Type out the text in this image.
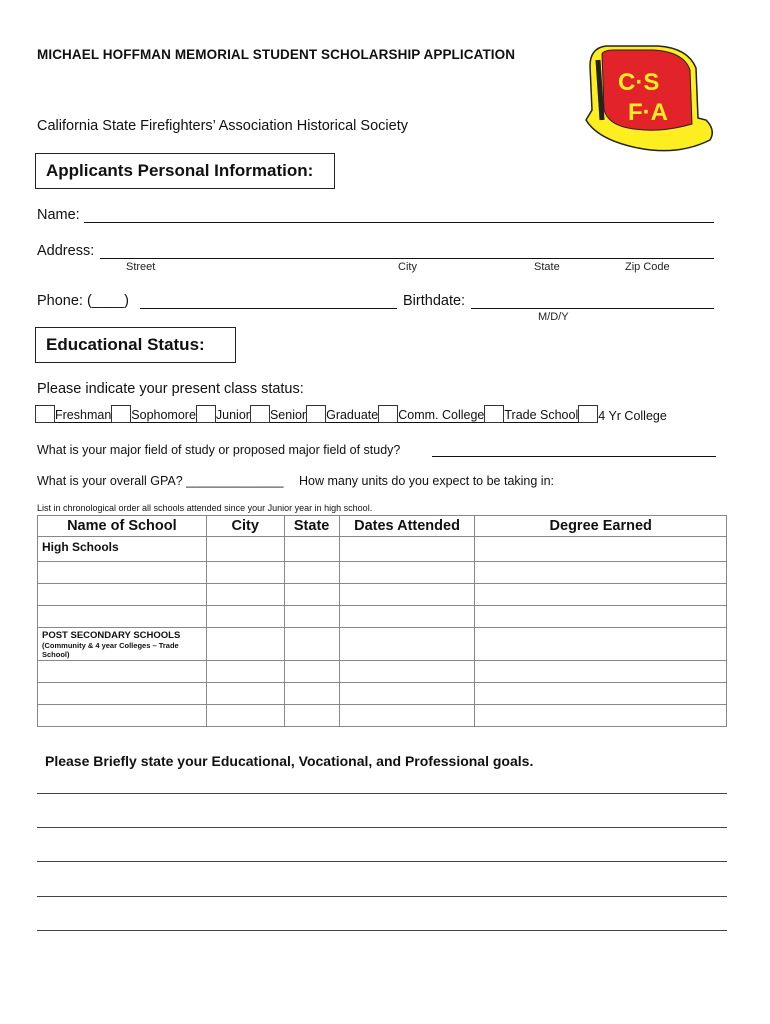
MICHAEL HOFFMAN MEMORIAL STUDENT SCHOLARSHIP APPLICATION
C·S
F·A
California State Firefighters’ Association Historical Society
Applicants Personal Information:
Name:
Address:
Street	City	State	Zip Code
Phone: (____)	Birthdate:
M/D/Y
Educational Status:
Please indicate your present class status:
Freshman Sophomore Junior Senior Graduate Comm. College Trade School 4 Yr College
What is your major field of study or proposed major field of study?
What is your overall GPA? ______________ How many units do you expect to be taking in:
List in chronological order all schools attended since your Junior year in high school.
Name of School	City	State	Dates Attended	Degree Earned
High Schools				

POST SECONDARY SCHOOLS
(Community & 4 year Colleges – Trade School)				

Please Briefly state your Educational, Vocational, and Professional goals.
